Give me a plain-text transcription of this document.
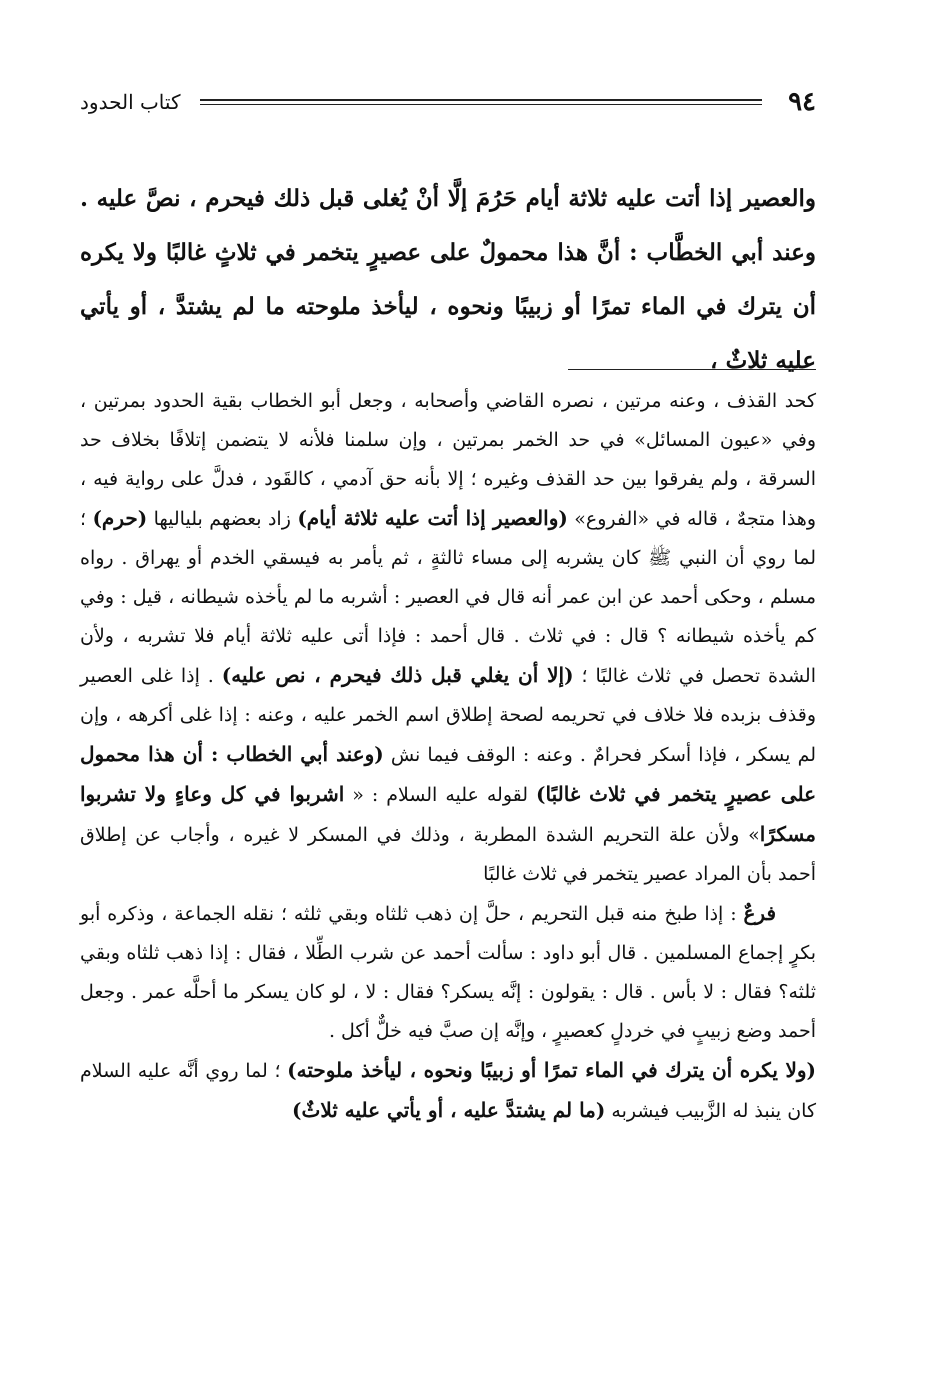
٩٤
كتاب الحدود

والعصير إذا أتت عليه ثلاثة أيام حَرُمَ إلَّا أنْ يُغلى قبل ذلك فيحرم ، نصَّ عليه . وعند أبي الخطَّاب : أنَّ هذا محمولٌ على عصيرٍ يتخمر في ثلاثٍ غالبًا ولا يكره أن يترك في الماء تمرًا أو زبيبًا ونحوه ، ليأخذ ملوحته ما لم يشتدَّ ، أو يأتي عليه ثلاثٌ ،

كحد القذف ، وعنه مرتين ، نصره القاضي وأصحابه ، وجعل أبو الخطاب بقية الحدود بمرتين ، وفي «عيون المسائل» في حد الخمر بمرتين ، وإن سلمنا فلأنه لا يتضمن إتلافًا بخلاف حد السرقة ، ولم يفرقوا بين حد القذف وغيره ؛ إلا بأنه حق آدمي ، كالقَود ، فدلَّ على رواية فيه ، وهذا متجهٌ ، قاله في «الفروع» (والعصير إذا أتت عليه ثلاثة أيام) زاد بعضهم بلياليها (حرم) ؛ لما روي أن النبي ﷺ كان يشربه إلى مساء ثالثةٍ ، ثم يأمر به فيسقي الخدم أو يهراق . رواه مسلم ، وحكى أحمد عن ابن عمر أنه قال في العصير : أشربه ما لم يأخذه شيطانه ، قيل : وفي كم يأخذه شيطانه ؟ قال : في ثلاث . قال أحمد : فإذا أتى عليه ثلاثة أيام فلا تشربه ، ولأن الشدة تحصل في ثلاث غالبًا ؛ (إلا أن يغلي قبل ذلك فيحرم ، نص عليه) . إذا غلى العصير وقذف بزبده فلا خلاف في تحريمه لصحة إطلاق اسم الخمر عليه ، وعنه : إذا غلى أكرهه ، وإن لم يسكر ، فإذا أسكر فحرامٌ . وعنه : الوقف فيما نش (وعند أبي الخطاب : أن هذا محمول على عصيرٍ يتخمر في ثلاث غالبًا) لقوله عليه السلام : « اشربوا في كل وعاءٍ ولا تشربوا مسكرًا» ولأن علة التحريم الشدة المطربة ، وذلك في المسكر لا غيره ، وأجاب عن إطلاق أحمد بأن المراد عصير يتخمر في ثلاث غالبًا

فرعٌ : إذا طبخ منه قبل التحريم ، حلَّ إن ذهب ثلثاه وبقي ثلثه ؛ نقله الجماعة ، وذكره أبو بكرٍ إجماع المسلمين . قال أبو داود : سألت أحمد عن شرب الطِّلا ، فقال : إذا ذهب ثلثاه وبقي ثلثه؟ فقال : لا بأس . قال : يقولون : إنَّه يسكر؟ فقال : لا ، لو كان يسكر ما أحلَّه عمر . وجعل أحمد وضع زبيبٍ في خردلٍ كعصيرٍ ، وإنَّه إن صبَّ فيه خلٌّ أكل .

(ولا يكره أن يترك في الماء تمرًا أو زبيبًا ونحوه ، ليأخذ ملوحته) ؛ لما روي أنَّه عليه السلام كان ينبذ له الزَّبيب فيشربه (ما لم يشتدَّ عليه ، أو يأتي عليه ثلاثٌ)
